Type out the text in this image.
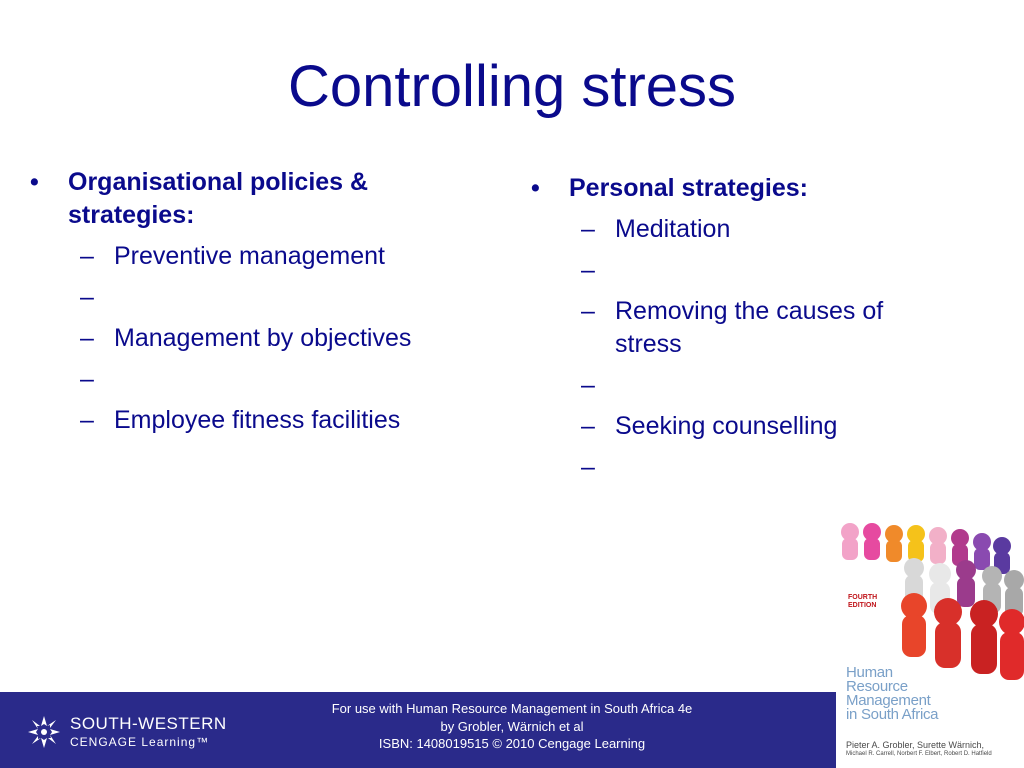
Controlling stress
• Organisational policies & strategies:
– Preventive management
–
– Management by objectives
–
– Employee fitness facilities
• Personal strategies:
– Meditation
–
– Removing the causes of stress
–
– Seeking counselling
–
SOUTH-WESTERN
CENGAGE Learning™
For use with Human Resource Management in South Africa 4e
by Grobler, Wärnich et al
ISBN: 1408019515 © 2010 Cengage Learning
FOURTH
EDITION
Human
Resource
Management
in South Africa
Pieter A. Grobler, Surette Wärnich,
Michael R. Carrell, Norbert F. Elbert, Robert D. Hatfield
